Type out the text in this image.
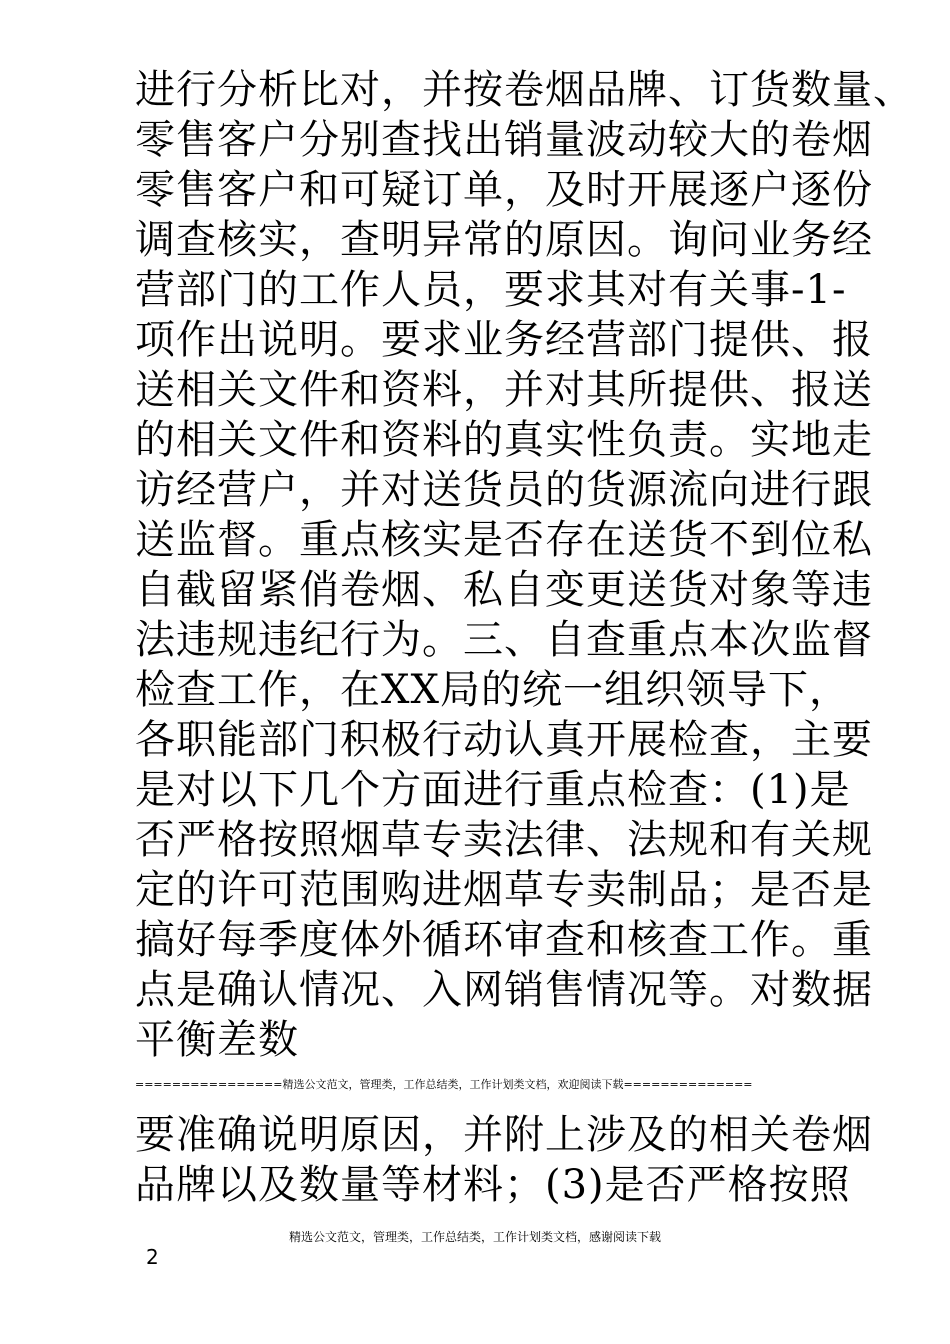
进行分析比对，并按卷烟品牌、订货数量、

零售客户分别查找出销量波动较大的卷烟

零售客户和可疑订单，及时开展逐户逐份

调查核实，查明异常的原因。询问业务经

营部门的工作人员，要求其对有关事-1-

项作出说明。要求业务经营部门提供、报

送相关文件和资料，并对其所提供、报送

的相关文件和资料的真实性负责。实地走

访经营户，并对送货员的货源流向进行跟

送监督。重点核实是否存在送货不到位私

自截留紧俏卷烟、私自变更送货对象等违

法违规违纪行为。三、自查重点本次监督

检查工作，在XX局的统一组织领导下，

各职能部门积极行动认真开展检查，主要

是对以下几个方面进行重点检查：(1)是

否严格按照烟草专卖法律、法规和有关规

定的许可范围购进烟草专卖制品；是否是

搞好每季度体外循环审查和核查工作。重

点是确认情况、入网销售情况等。对数据

平衡差数

================精选公文范文，管理类，工作总结类，工作计划类文档，欢迎阅读下载==============

要准确说明原因，并附上涉及的相关卷烟

品牌以及数量等材料；(3)是否严格按照

精选公文范文，管理类，工作总结类，工作计划类文档，感谢阅读下载
2
